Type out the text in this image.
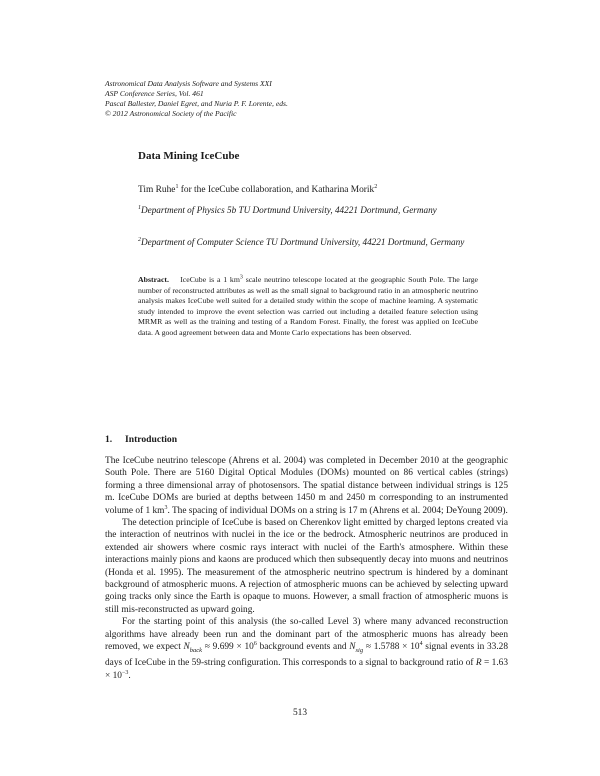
Astronomical Data Analysis Software and Systems XXI
ASP Conference Series, Vol. 461
Pascal Ballester, Daniel Egret, and Nuria P. F. Lorente, eds.
© 2012 Astronomical Society of the Pacific
Data Mining IceCube
Tim Ruhe$^1$ for the IceCube collaboration, and Katharina Morik$^2$
$^1$Department of Physics 5b TU Dortmund University, 44221 Dortmund, Germany
$^2$Department of Computer Science TU Dortmund University, 44221 Dortmund, Germany
Abstract. IceCube is a 1 $km^3$ scale neutrino telescope located at the geographic South Pole. The large number of reconstructed attributes as well as the small signal to background ratio in an atmospheric neutrino analysis makes IceCube well suited for a detailed study within the scope of machine learning. A systematic study intended to improve the event selection was carried out including a detailed feature selection using MRMR as well as the training and testing of a Random Forest. Finally, the forest was applied on IceCube data. A good agreement between data and Monte Carlo expectations has been observed.
1. Introduction

The IceCube neutrino telescope (Ahrens et al. 2004) was completed in December 2010 at the geographic South Pole. There are 5160 Digital Optical Modules (DOMs) mounted on 86 vertical cables (strings) forming a three dimensional array of photosensors. The spatial distance between individual strings is 125 m. IceCube DOMs are buried at depths between 1450 m and 2450 m corresponding to an instrumented volume of 1 $km^3$. The spacing of individual DOMs on a string is 17 m (Ahrens et al. 2004; DeYoung 2009).

The detection principle of IceCube is based on Cherenkov light emitted by charged leptons created via the interaction of neutrinos with nuclei in the ice or the bedrock. Atmospheric neutrinos are produced in extended air showers where cosmic rays interact with nuclei of the Earth's atmosphere. Within these interactions mainly pions and kaons are produced which then subsequently decay into muons and neutrinos (Honda et al. 1995). The measurement of the atmospheric neutrino spectrum is hindered by a dominant background of atmospheric muons. A rejection of atmospheric muons can be achieved by selecting upward going tracks only since the Earth is opaque to muons. However, a small fraction of atmospheric muons is still mis-reconstructed as upward going.

For the starting point of this analysis (the so-called Level 3) where many advanced reconstruction algorithms have already been run and the dominant part of the atmospheric muons has already been removed, we expect $N_{back} \approx 9.699 \times 10^6$ background events and $N_{sig} \approx 1.5788 \times 10^4$ signal events in 33.28 days of IceCube in the 59-string configuration. This corresponds to a signal to background ratio of $R = 1.63 \times 10^{-3}$.

513
